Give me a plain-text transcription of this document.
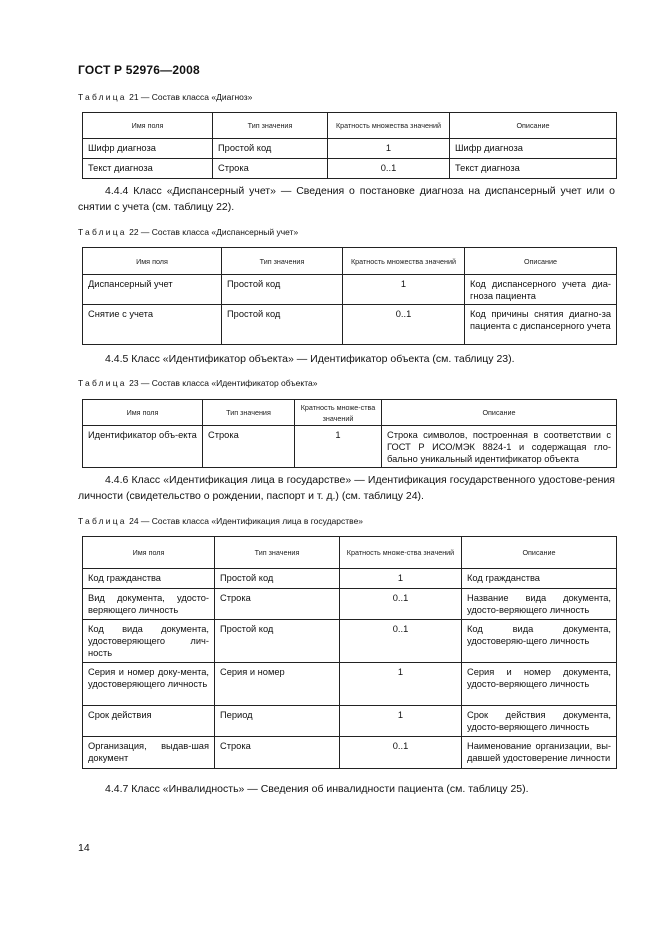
ГОСТ Р 52976—2008
Таблица 21 — Состав класса «Диагноз»
Имя поля	Тип значения	Кратность множества значений	Описание
Шифр диагноза	Простой код	1	Шифр диагноза
Текст диагноза	Строка	0..1	Текст диагноза
4.4.4 Класс «Диспансерный учет» — Сведения о постановке диагноза на диспансерный учет или о снятии с учета (см. таблицу 22).
Таблица 22 — Состав класса «Диспансерный учет»
Имя поля	Тип значения	Кратность множества значений	Описание
Диспансерный учет	Простой код	1	Код диспансерного учета диа-гноза пациента
Снятие с учета	Простой код	0..1	Код причины снятия диагно-за пациента с диспансерного учета
4.4.5 Класс «Идентификатор объекта» — Идентификатор объекта (см. таблицу 23).
Таблица 23 — Состав класса «Идентификатор объекта»
Имя поля	Тип значения	Кратность множе-ства значений	Описание
Идентификатор объ-екта	Строка	1	Строка символов, построенная в соответствии с ГОСТ Р ИСО/МЭК 8824-1 и содержащая гло-бально уникальный идентификатор объекта
4.4.6 Класс «Идентификация лица в государстве» — Идентификация государственного удостове-рения личности (свидетельство о рождении, паспорт и т. д.) (см. таблицу 24).
Таблица 24 — Состав класса «Идентификация лица в государстве»
Имя поля	Тип значения	Кратность множе-ства значений	Описание
Код гражданства	Простой код	1	Код гражданства
Вид документа, удосто-веряющего личность	Строка	0..1	Название вида документа, удосто-веряющего личность
Код вида документа, удостоверяющего лич-ность	Простой код	0..1	Код вида документа, удостоверяю-щего личность
Серия и номер доку-мента, удостоверяющего личность	Серия и номер	1	Серия и номер документа, удосто-веряющего личность
Срок действия	Период	1	Срок действия документа, удосто-веряющего личность
Организация, выдав-шая документ	Строка	0..1	Наименование организации, вы-давшей удостоверение личности
4.4.7 Класс «Инвалидность» — Сведения об инвалидности пациента (см. таблицу 25).
14
